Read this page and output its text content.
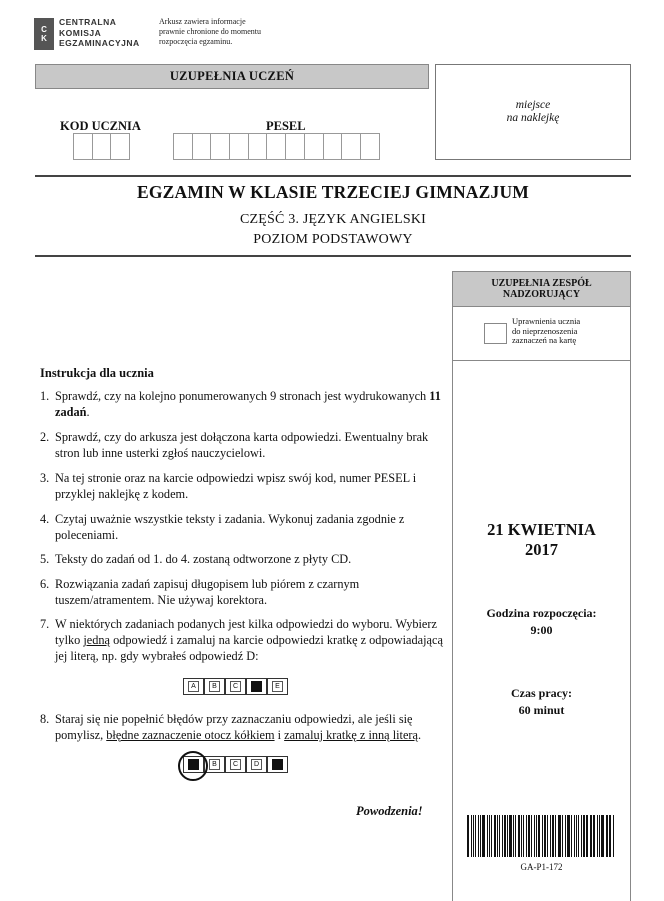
C
K
CENTRALNA
KOMISJA
EGZAMINACYJNA
Arkusz zawiera informacje
prawnie chronione do momentu
rozpoczęcia egzaminu.
UZUPEŁNIA UCZEŃ
KOD UCZNIA	PESEL
miejsce
na naklejkę
EGZAMIN W KLASIE TRZECIEJ GIMNAZJUM
CZĘŚĆ 3. JĘZYK ANGIELSKI
POZIOM PODSTAWOWY
UZUPEŁNIA ZESPÓŁ
NADZORUJĄCY
Uprawnienia ucznia
do nieprzenoszenia
zaznaczeń na kartę
21 KWIETNIA
2017
Godzina rozpoczęcia:
9:00
Czas pracy:
60 minut
GA-P1-172
Instrukcja dla ucznia
1. Sprawdź, czy na kolejno ponumerowanych 9 stronach jest wydrukowanych 11 zadań.
2. Sprawdź, czy do arkusza jest dołączona karta odpowiedzi. Ewentualny brak stron lub inne usterki zgłoś nauczycielowi.
3. Na tej stronie oraz na karcie odpowiedzi wpisz swój kod, numer PESEL i przyklej naklejkę z kodem.
4. Czytaj uważnie wszystkie teksty i zadania. Wykonuj zadania zgodnie z poleceniami.
5. Teksty do zadań od 1. do 4. zostaną odtworzone z płyty CD.
6. Rozwiązania zadań zapisuj długopisem lub piórem z czarnym tuszem/atramentem. Nie używaj korektora.
7. W niektórych zadaniach podanych jest kilka odpowiedzi do wyboru. Wybierz tylko jedną odpowiedź i zamaluj na karcie odpowiedzi kratkę z odpowiadającą jej literą, np. gdy wybrałeś odpowiedź D:
A	B	C	E
8. Staraj się nie popełnić błędów przy zaznaczaniu odpowiedzi, ale jeśli się pomylisz, błędne zaznaczenie otocz kółkiem i zamaluj kratkę z inną literą.
B	C	D
Powodzenia!
